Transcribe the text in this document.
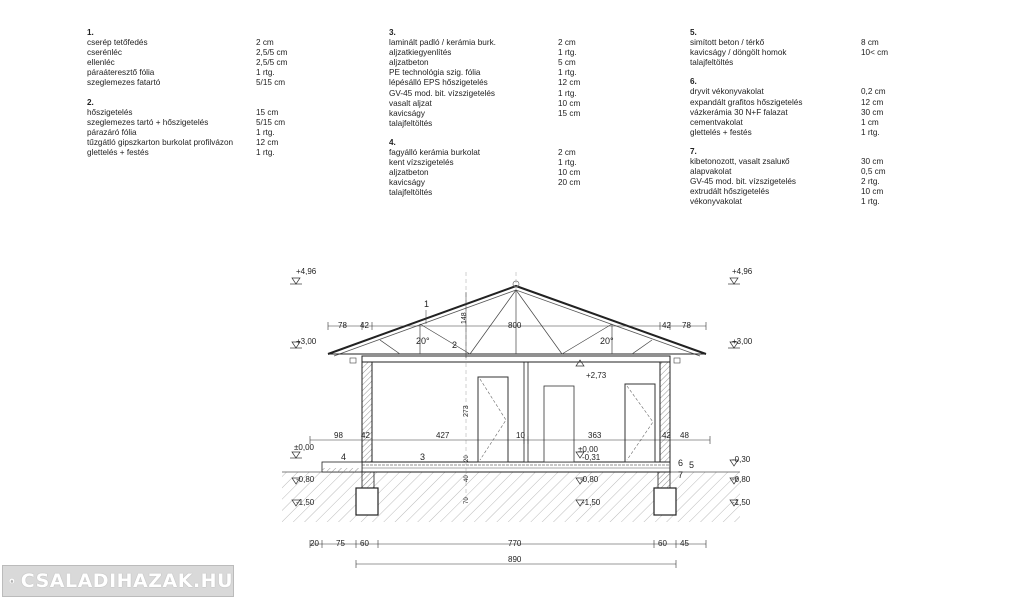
1.
cserép tetőfedés	2 cm
cseréпléc	2,5/5 cm
ellenléc	2,5/5 cm
páraáteresztő fólia	1 rtg.
szeglemezes fatartó	5/15 cm
2.
hőszigetelés	15 cm
szeglemezes tartó + hőszigetelés	5/15 cm
párazáró fólia	1 rtg.
tűzgátló gipszkarton burkolat profilvázon	12 cm
glettelés + festés	1 rtg.
3.
laminált padló / kerámia burk.	2 cm
aljzatkiegyenlítés	1 rtg.
aljzatbeton	5 cm
PE technológia szig. fólia	1 rtg.
lépésálló EPS hőszigetelés	12 cm
GV-45 mod. bit. vízszigetelés	1 rtg.
vasalt aljzat	10 cm
kavicságy	15 cm
talajfeltöltés
4.
fagyálló kerámia burkolat	2 cm
kent vízszigetelés	1 rtg.
aljzatbeton	10 cm
kavicságy	20 cm
talajfeltöltés
5.
simított beton / térkő	8 cm
kavicságy / döngölt homok	10< cm
talajfeltöltés
6.
dryvit vékonyvakolat	0,2 cm
expandált grafitos hőszigetelés	12 cm
vázkerámia 30 N+F falazat	30 cm
cementvakolat	1 cm
glettelés + festés	1 rtg.
7.
kibetonozott, vasalt zsaluкő	30 cm
alapvakolat	0,5 cm
GV-45 mod. bit. vízszigetelés	2 rtg.
extrudált hőszigetelés	10 cm
vékonyvakolat	1 rtg.
78 42	800	42 78
148
273
20
40
70
20°	20°
98 42	427	10	363	42 48
+4,96	+4,96
+3,00	+3,00
+2,73
±0,00	±0,00
-0,31	-0,30
-0,80	-0,80	-0,80
-1,50	-1,50	-1,50
1
2
3
4
5
6
7
20 75 60	770	60 45
890
CSALADIHAZAK.HU
